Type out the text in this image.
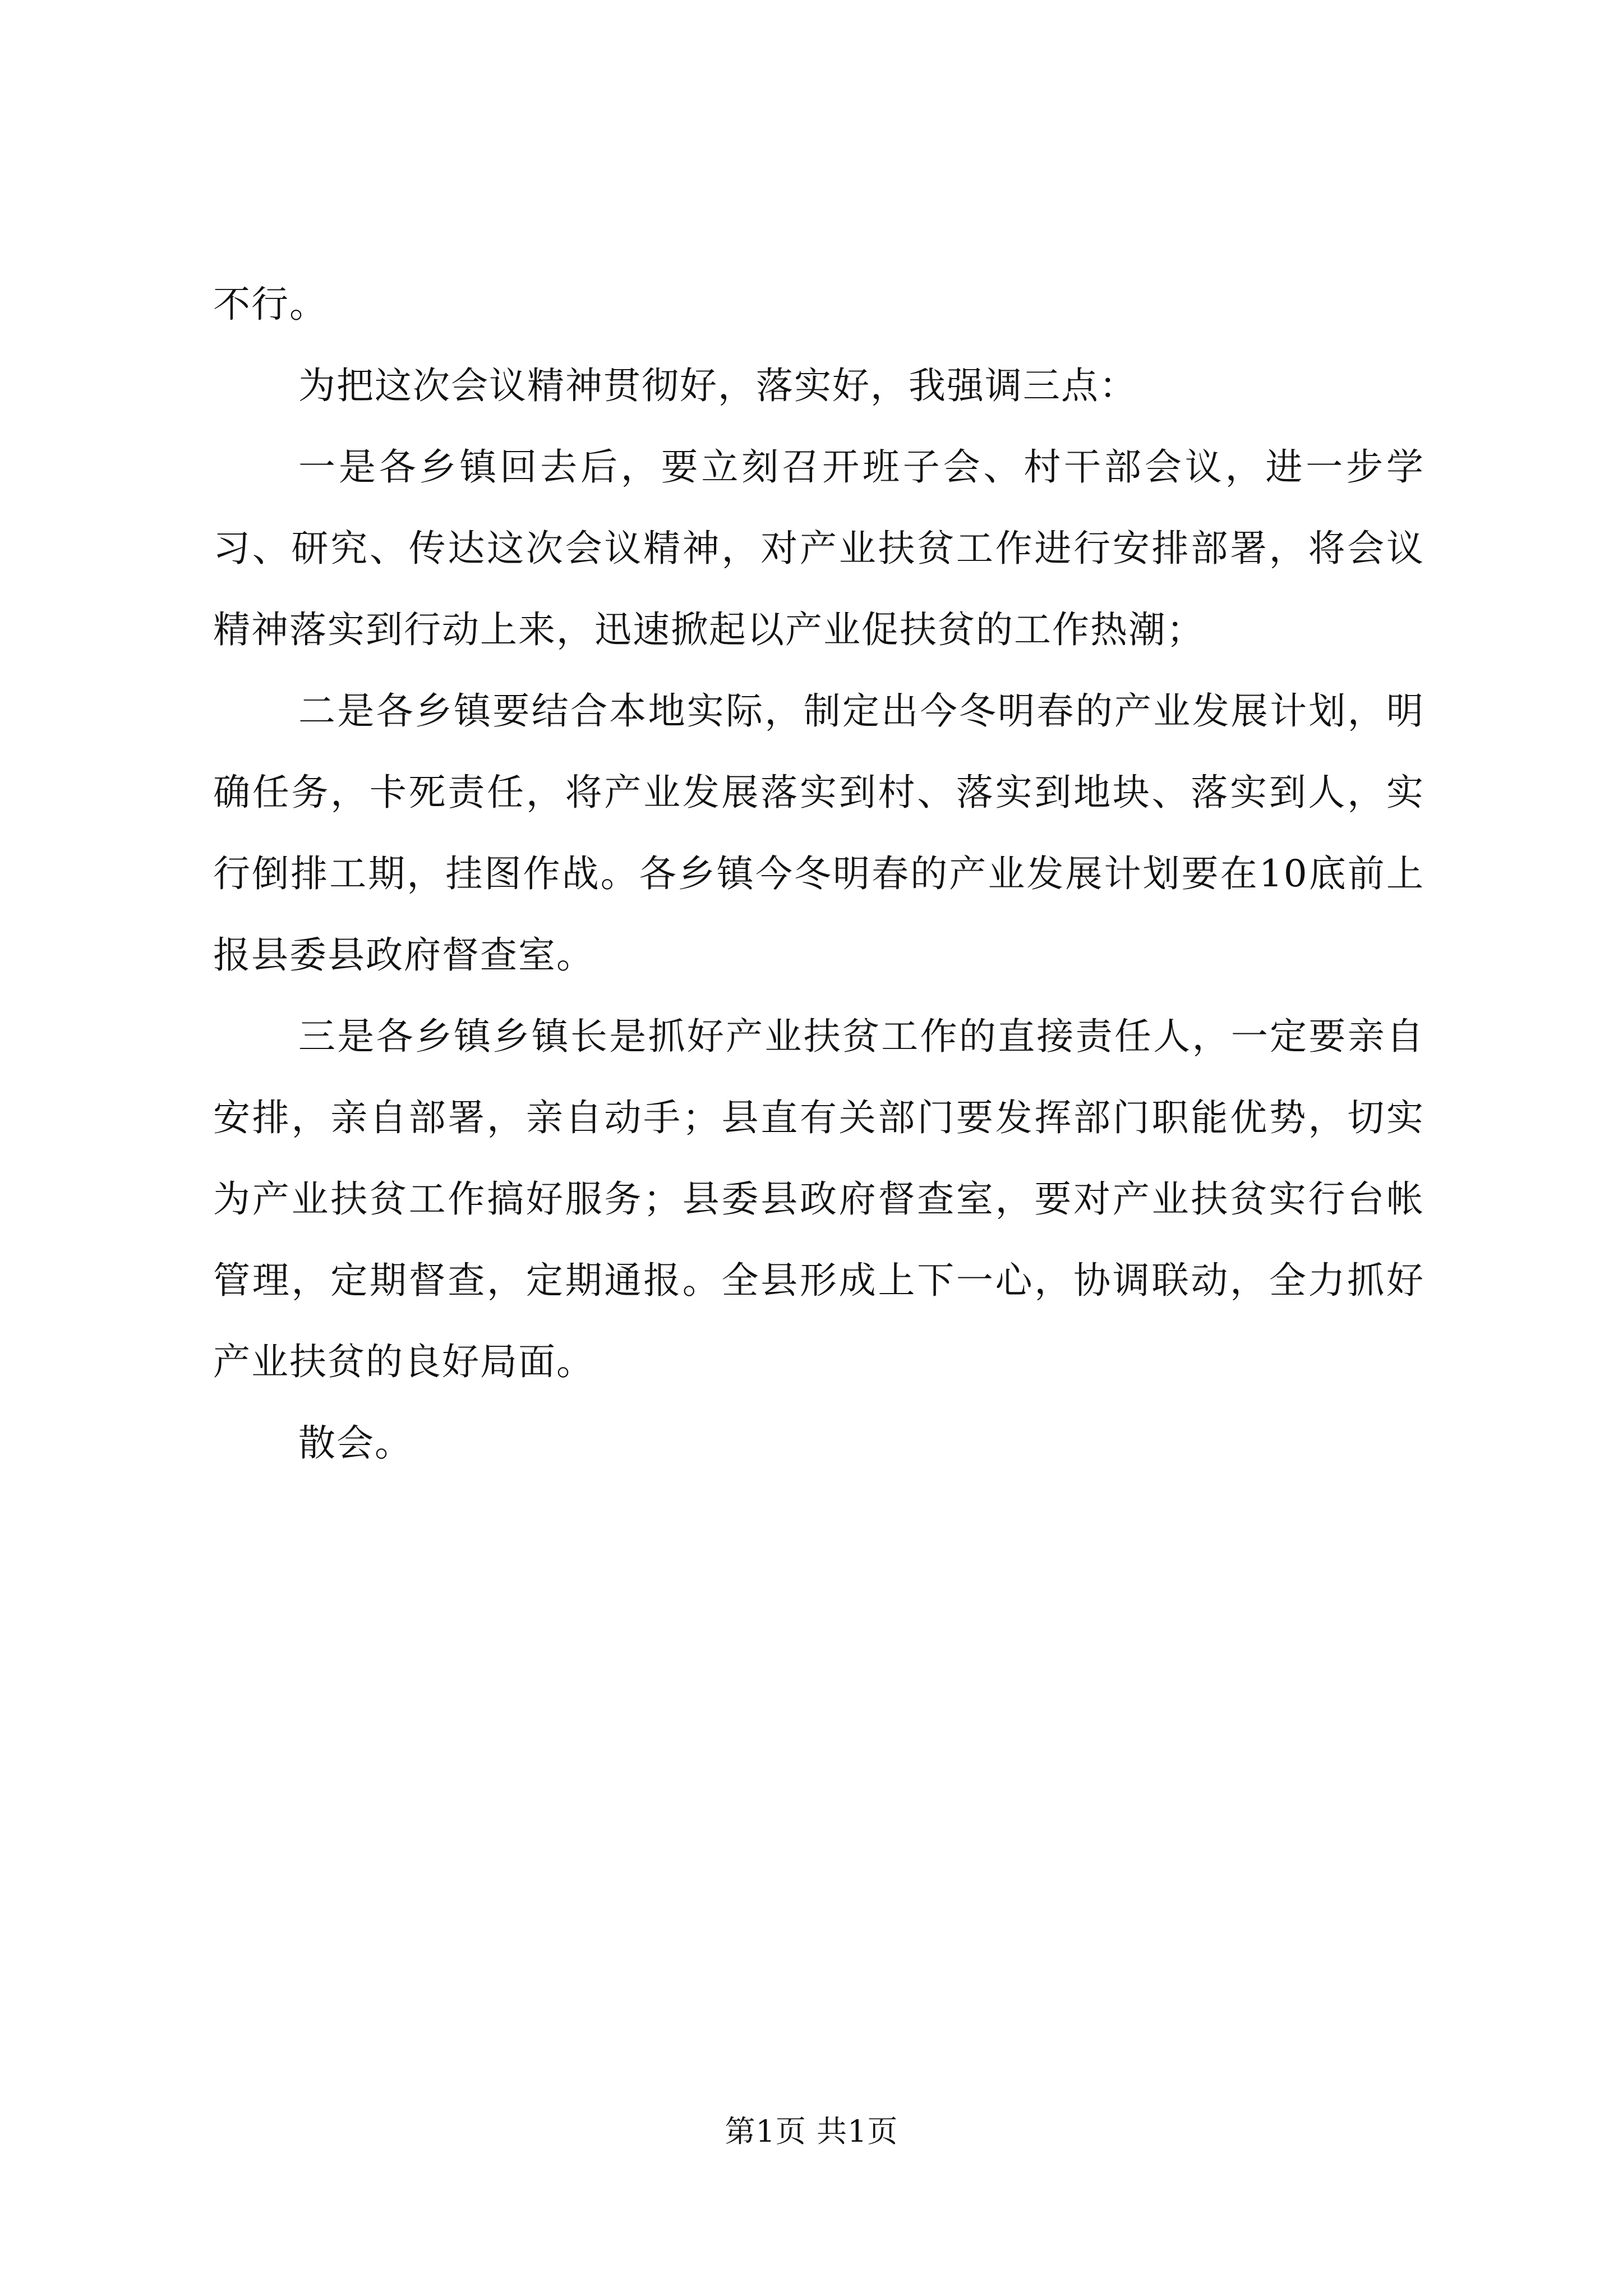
不行。

为把这次会议精神贯彻好，落实好，我强调三点：

一是各乡镇回去后，要立刻召开班子会、村干部会议，进一步学习、研究、传达这次会议精神，对产业扶贫工作进行安排部署，将会议精神落实到行动上来，迅速掀起以产业促扶贫的工作热潮；

二是各乡镇要结合本地实际，制定出今冬明春的产业发展计划，明确任务，卡死责任，将产业发展落实到村、落实到地块、落实到人，实行倒排工期，挂图作战。各乡镇今冬明春的产业发展计划要在10底前上报县委县政府督查室。

三是各乡镇乡镇长是抓好产业扶贫工作的直接责任人，一定要亲自安排，亲自部署，亲自动手；县直有关部门要发挥部门职能优势，切实为产业扶贫工作搞好服务；县委县政府督查室，要对产业扶贫实行台帐管理，定期督查，定期通报。全县形成上下一心，协调联动，全力抓好产业扶贫的良好局面。

散会。

第1页 共1页
